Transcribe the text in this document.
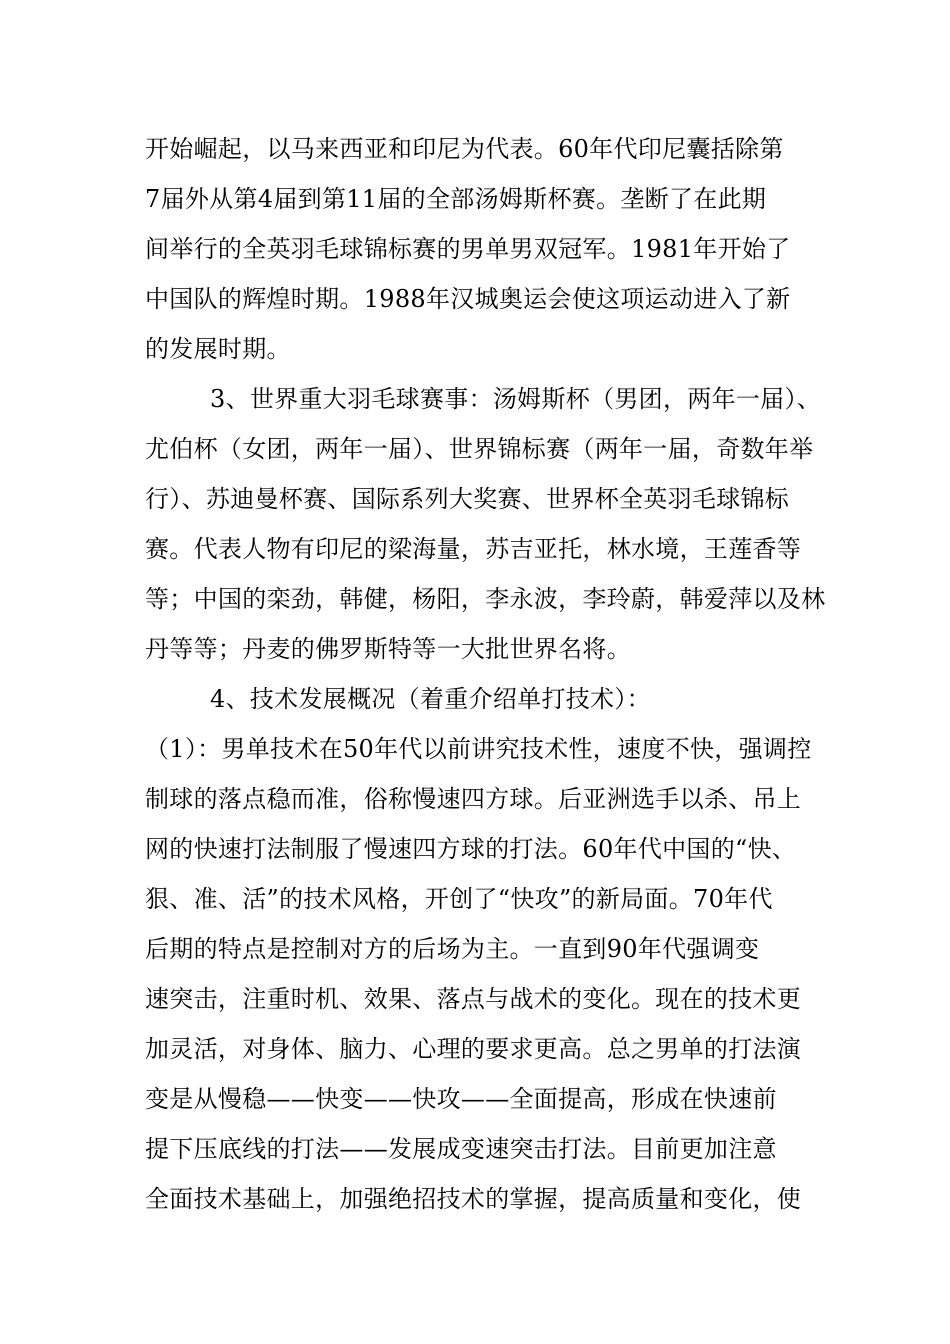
开始崛起，以马来西亚和印尼为代表。60年代印尼囊括除第
7届外从第4届到第11届的全部汤姆斯杯赛。垄断了在此期
间举行的全英羽毛球锦标赛的男单男双冠军。1981年开始了
中国队的辉煌时期。1988年汉城奥运会使这项运动进入了新
的发展时期。
3、世界重大羽毛球赛事：汤姆斯杯（男团，两年一届）、
尤伯杯（女团，两年一届）、世界锦标赛（两年一届，奇数年举
行）、苏迪曼杯赛、国际系列大奖赛、世界杯全英羽毛球锦标
赛。代表人物有印尼的梁海量，苏吉亚托，林水境，王莲香等
等；中国的栾劲，韩健，杨阳，李永波，李玲蔚，韩爱萍以及林
丹等等；丹麦的佛罗斯特等一大批世界名将。
4、技术发展概况（着重介绍单打技术）：
（1）：男单技术在50年代以前讲究技术性，速度不快，强调控
制球的落点稳而准，俗称慢速四方球。后亚洲选手以杀、吊上
网的快速打法制服了慢速四方球的打法。60年代中国的“快、
狠、准、活”的技术风格，开创了“快攻”的新局面。70年代
后期的特点是控制对方的后场为主。一直到90年代强调变
速突击，注重时机、效果、落点与战术的变化。现在的技术更
加灵活，对身体、脑力、心理的要求更高。总之男单的打法演
变是从慢稳——快变——快攻——全面提高，形成在快速前
提下压底线的打法——发展成变速突击打法。目前更加注意
全面技术基础上，加强绝招技术的掌握，提高质量和变化，使
